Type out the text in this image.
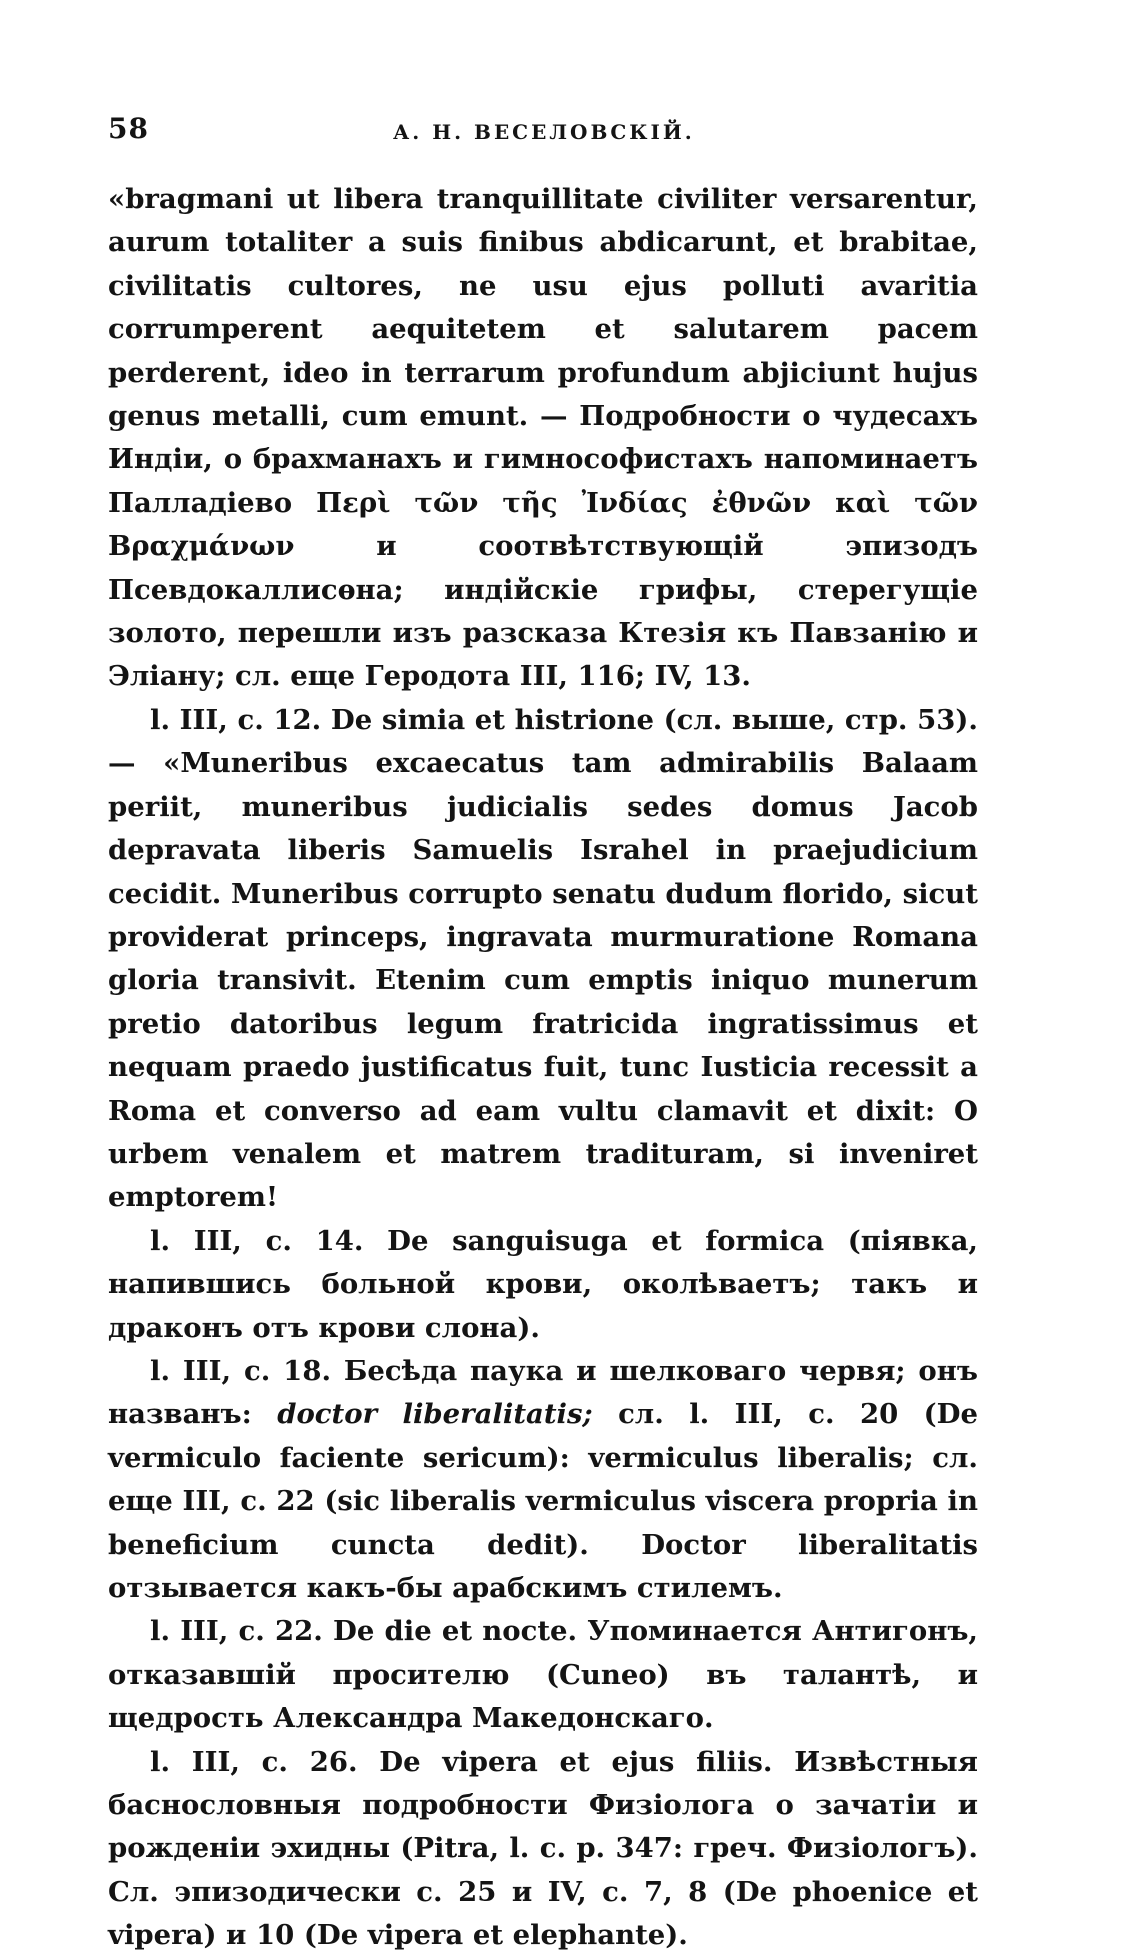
58	А. Н. ВЕСЕЛОВСКІЙ.

«bragmani ut libera tranquillitate civiliter versarentur, aurum totaliter a suis finibus abdicarunt, et brabitae, civilitatis cultores, ne usu ejus polluti avaritia corrumperent aequitetem et salutarem pacem perderent, ideo in terrarum profundum abjiciunt hujus genus metalli, cum emunt. — Подробности о чудесахъ Индіи, о брахманахъ и гимнософистахъ напоминаетъ Палладіево Περὶ τῶν τῆς Ἰνδίας ἐθνῶν καὶ τῶν Βραχμάνων и соотвѣтствующій эпизодъ Псевдокаллисѳна; индійскіе грифы, стерегущіе золото, перешли изъ разсказа Ктезія къ Павзанію и Эліану; сл. еще Геродота III, 116; IV, 13.

l. III, c. 12. De simia et histrione (сл. выше, стр. 53). — «Muneribus excaecatus tam admirabilis Balaam periit, muneribus judicialis sedes domus Jacob depravata liberis Samuelis Israhel in praejudicium cecidit. Muneribus corrupto senatu dudum florido, sicut providerat princeps, ingravata murmuratione Romana gloria transivit. Etenim cum emptis iniquo munerum pretio datoribus legum fratricida ingratissimus et nequam praedo justificatus fuit, tunc Iusticia recessit a Roma et converso ad eam vultu clamavit et dixit: O urbem venalem et matrem tradituram, si inveniret emptorem!

l. III, c. 14. De sanguisuga et formica (піявка, напившись больной крови, околѣваетъ; такъ и драконъ отъ крови слона).

l. III, c. 18. Бесѣда паука и шелковаго червя; онъ названъ: doctor liberalitatis; сл. l. III, c. 20 (De vermiculo faciente sericum): vermiculus liberalis; сл. еще III, c. 22 (sic liberalis vermiculus viscera propria in beneficium cuncta dedit). Doctor liberalitatis отзывается какъ-бы арабскимъ стилемъ.

l. III, c. 22. De die et nocte. Упоминается Антигонъ, отказавшій просителю (Cuneo) въ талантѣ, и щедрость Александра Македонскаго.

l. III, c. 26. De vipera et ejus filiis. Извѣстныя баснословныя подробности Физіолога о зачатіи и рожденіи эхидны (Pitra, l. c. p. 347: греч. Физіологъ). Сл. эпизодически c. 25 и IV, c. 7, 8 (De phoenice et vipera) и 10 (De vipera et elephante).
